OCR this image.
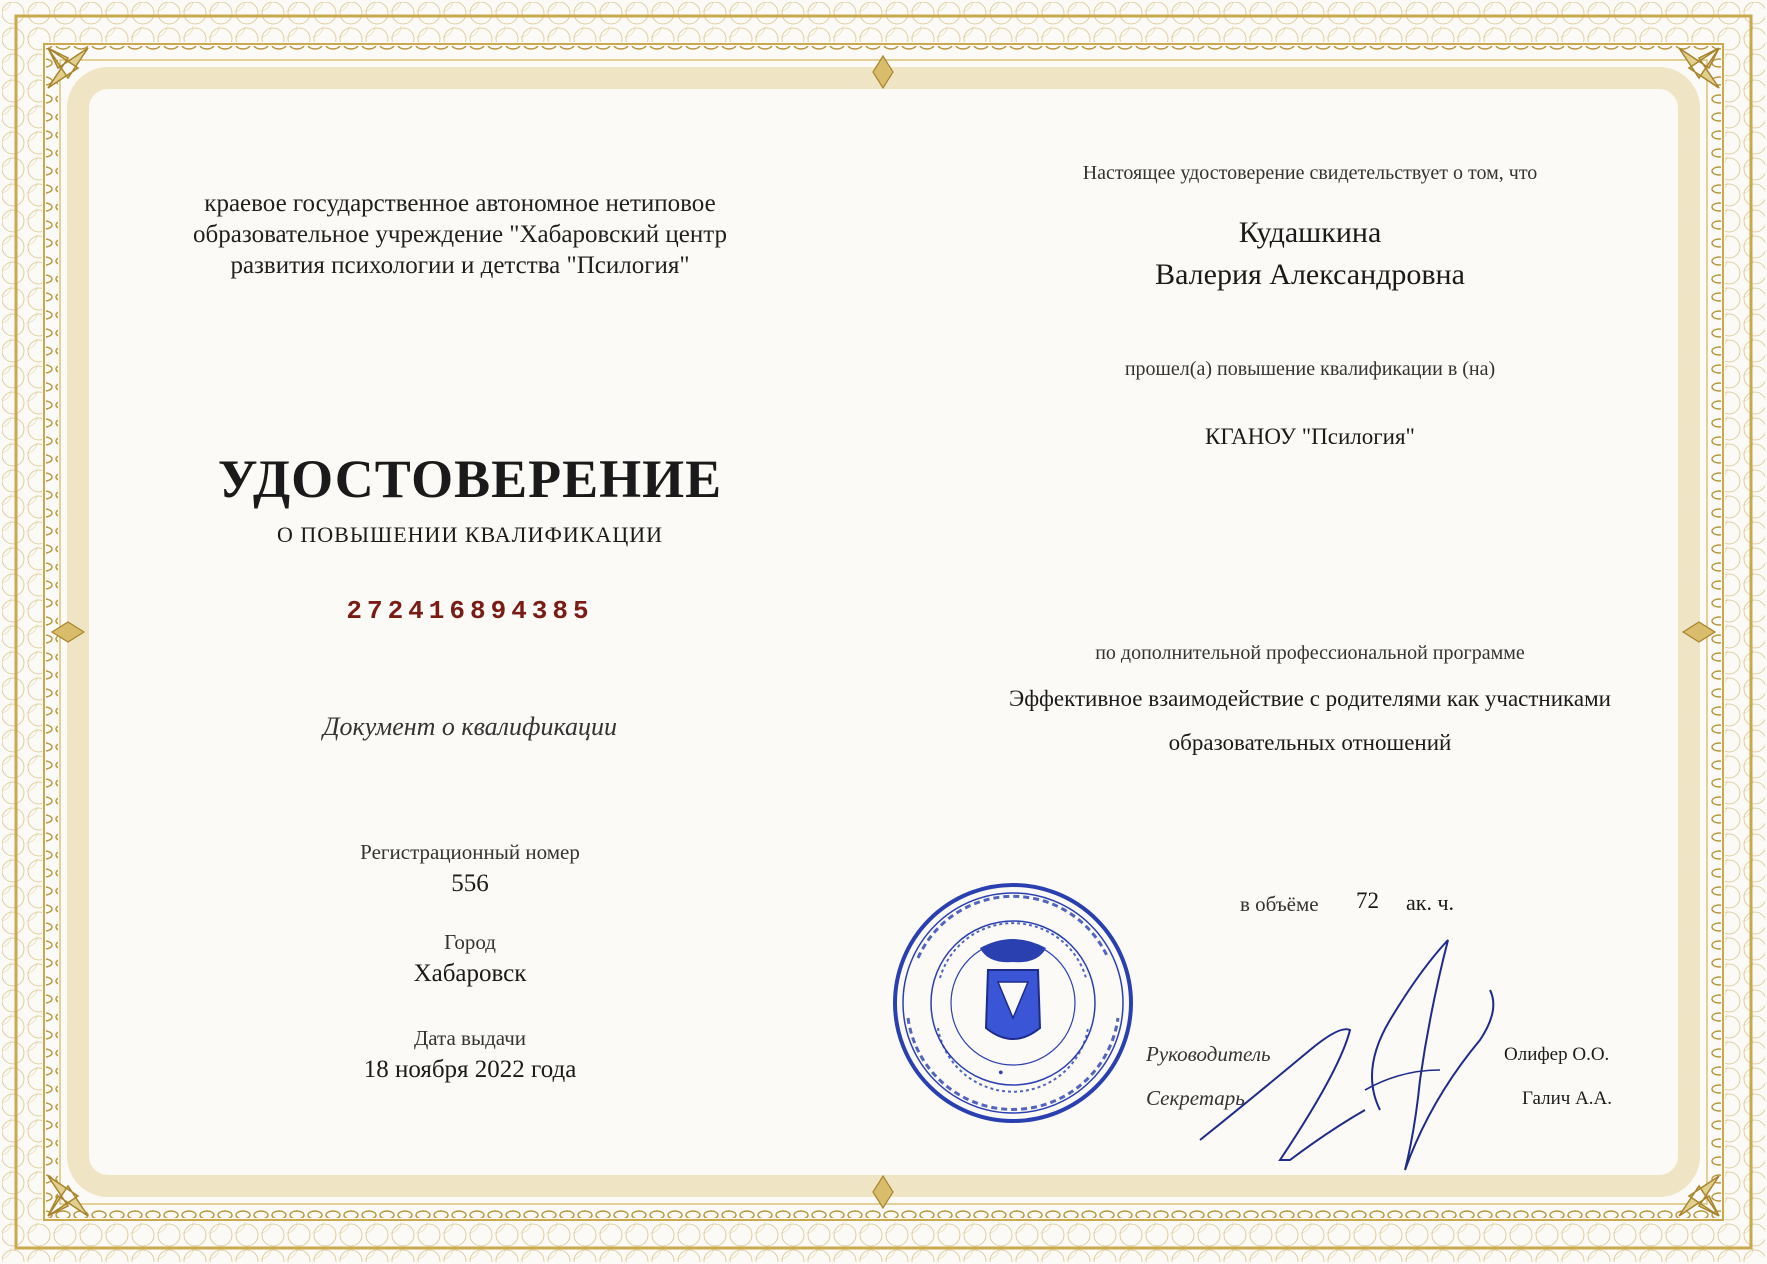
краевое государственное автономное нетиповое образовательное учреждение "Хабаровский центр развития психологии и детства "Псилогия"
УДОСТОВЕРЕНИЕ
О ПОВЫШЕНИИ КВАЛИФИКАЦИИ
272416894385
Документ о квалификации
Регистрационный номер
556
Город
Хабаровск
Дата выдачи
18 ноября 2022 года
Настоящее удостоверение свидетельствует о том, что
Кудашкина
Валерия Александровна
прошел(а) повышение квалификации в (на)
КГАНОУ "Псилогия"
по дополнительной профессиональной программе
Эффективное взаимодействие с родителями как участниками
образовательных отношений
в объёме 72 ак. ч.
•
Руководитель
Секретарь
Олифер О.О.
Галич А.А.
